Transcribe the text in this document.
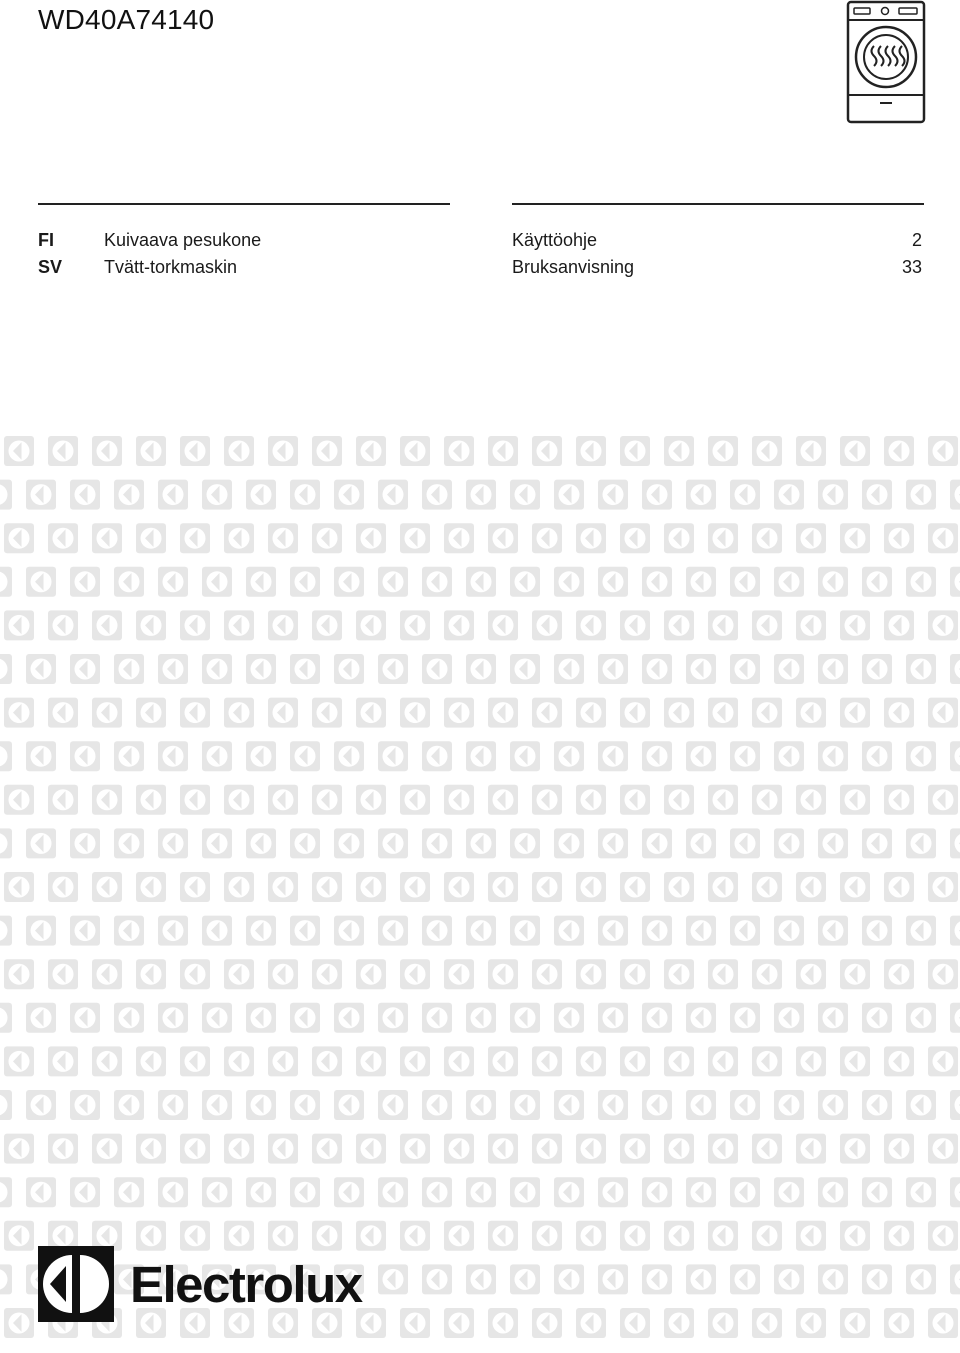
WD40A74140
FI	Kuivaava pesukone	Käyttöohje	2
SV Tvätt-torkmaskin	Bruksanvisning	33
Electrolux
